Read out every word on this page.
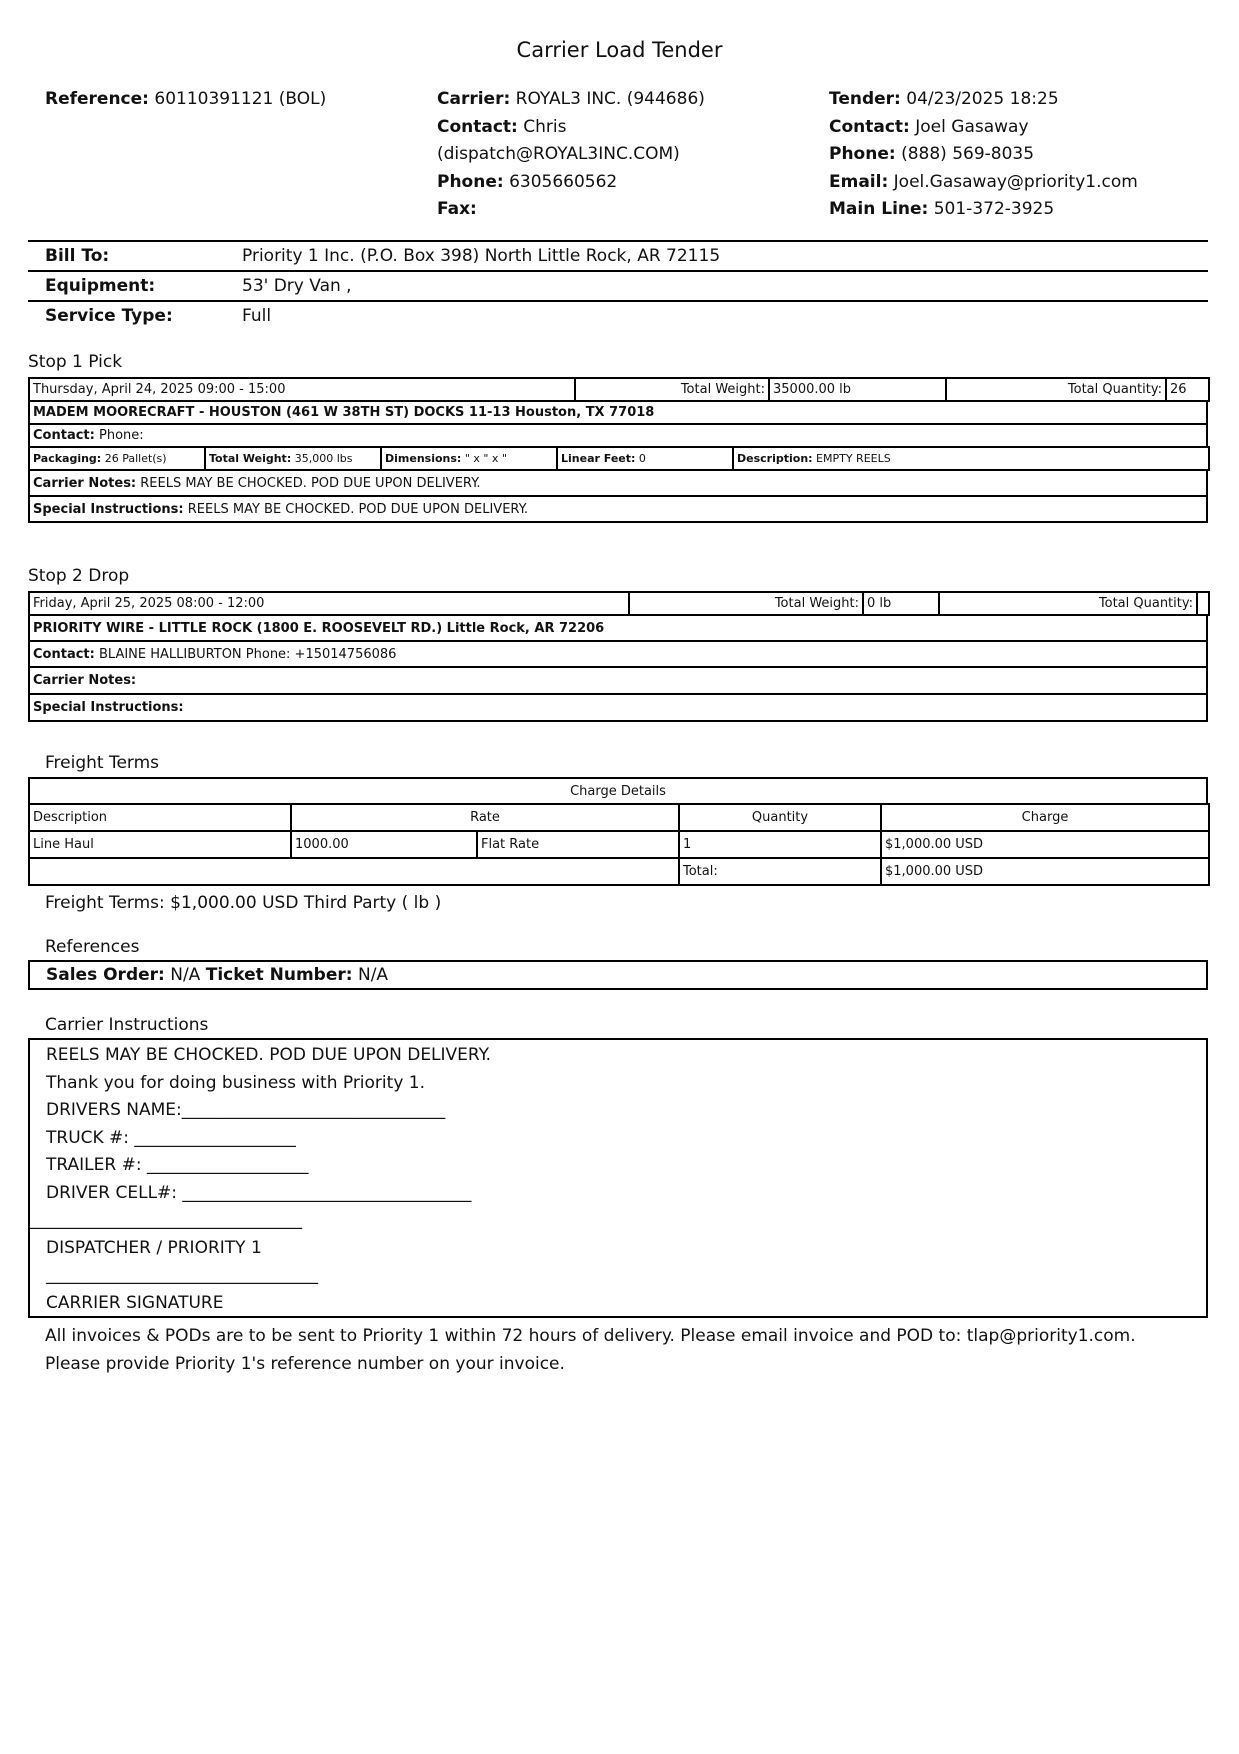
Carrier Load Tender
Reference: 60110391121 (BOL)	Carrier: ROYAL3 INC. (944686)
Contact: Chris
(dispatch@ROYAL3INC.COM)
Phone: 6305660562
Fax:
Tender: 04/23/2025 18:25
Contact: Joel Gasaway
Phone: (888) 569-8035
Email: Joel.Gasaway@priority1.com
Main Line: 501-372-3925
Bill To:	Priority 1 Inc. (P.O. Box 398) North Little Rock, AR 72115
Equipment:	53' Dry Van ,
Service Type:	Full
Stop 1 Pick
Thursday, April 24, 2025 09:00 - 15:00	Total Weight:	35000.00 lb	Total Quantity:	26
MADEM MOORECRAFT - HOUSTON (461 W 38TH ST) DOCKS 11-13 Houston, TX 77018
Contact: Phone:
Packaging: 26 Pallet(s)	Total Weight: 35,000 lbs	Dimensions: " x " x "	Linear Feet: 0	Description: EMPTY REELS
Carrier Notes: REELS MAY BE CHOCKED. POD DUE UPON DELIVERY.
Special Instructions: REELS MAY BE CHOCKED. POD DUE UPON DELIVERY.
Stop 2 Drop
Friday, April 25, 2025 08:00 - 12:00	Total Weight:	0 lb	Total Quantity:	
PRIORITY WIRE - LITTLE ROCK (1800 E. ROOSEVELT RD.) Little Rock, AR 72206
Contact: BLAINE HALLIBURTON Phone: +15014756086
Carrier Notes:
Special Instructions:
Freight Terms
Charge Details
Description	Rate		Quantity	Charge
Line Haul	1000.00	Flat Rate	1	$1,000.00 USD
			Total:	$1,000.00 USD
Freight Terms: $1,000.00 USD Third Party ( lb )
References
Sales Order: N/A Ticket Number: N/A
Carrier Instructions
REELS MAY BE CHOCKED. POD DUE UPON DELIVERY.
Thank you for doing business with Priority 1.
DRIVERS NAME:_______________________________
TRUCK #: ___________________
TRAILER #: ___________________
DRIVER CELL#: __________________________________
________________________________
DISPATCHER / PRIORITY 1
________________________________
CARRIER SIGNATURE
All invoices & PODs are to be sent to Priority 1 within 72 hours of delivery. Please email invoice and POD to: tlap@priority1.com. Please provide Priority 1's reference number on your invoice.
